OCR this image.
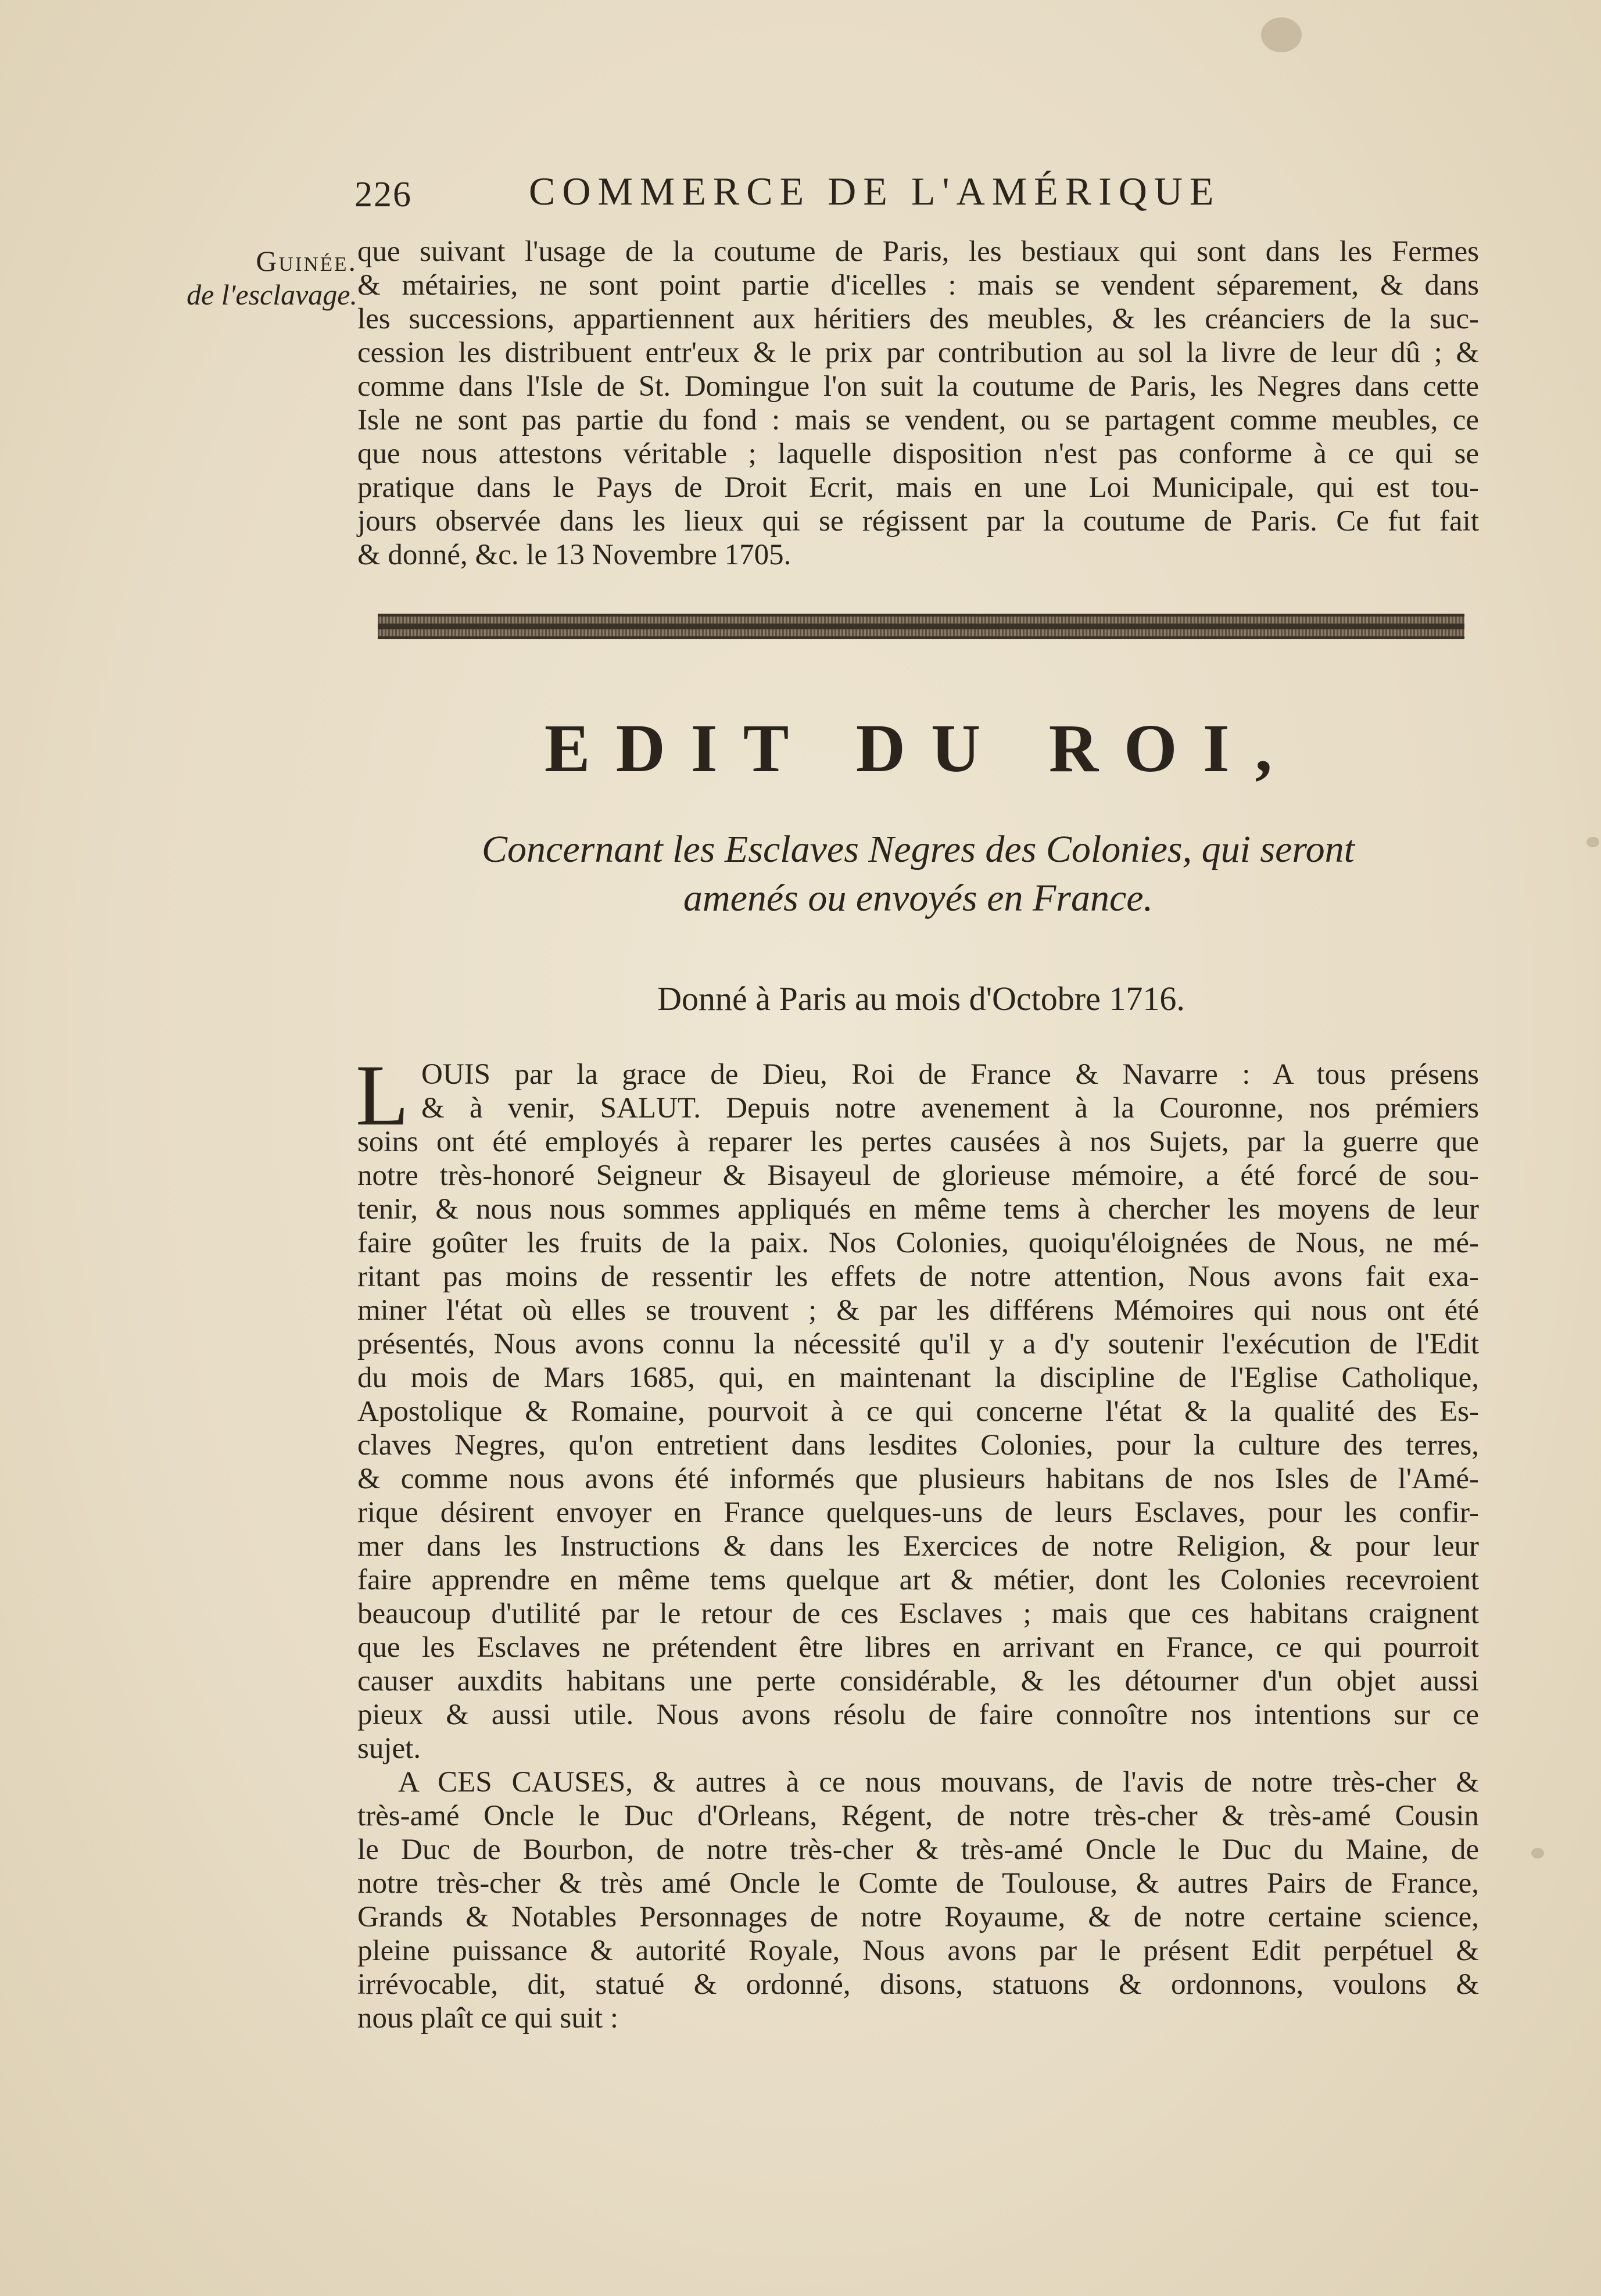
226	COMMERCE DE L'AMÉRIQUE
Guinée.
de l'esclavage.

que suivant l'usage de la coutume de Paris, les bestiaux qui sont dans les Fermes
& métairies, ne sont point partie d'icelles : mais se vendent séparement, & dans
les successions, appartiennent aux héritiers des meubles, & les créanciers de la suc-
cession les distribuent entr'eux & le prix par contribution au sol la livre de leur dû ; &
comme dans l'Isle de St. Domingue l'on suit la coutume de Paris, les Negres dans cette
Isle ne sont pas partie du fond : mais se vendent, ou se partagent comme meubles, ce
que nous attestons véritable ; laquelle disposition n'est pas conforme à ce qui se
pratique dans le Pays de Droit Ecrit, mais en une Loi Municipale, qui est tou-
jours observée dans les lieux qui se régissent par la coutume de Paris. Ce fut fait
& donné, &c. le 13 Novembre 1705.

EDIT DU ROI,
Concernant les Esclaves Negres des Colonies, qui seront
amenés ou envoyés en France.
Donné à Paris au mois d'Octobre 1716.
L OUIS par la grace de Dieu, Roi de France & Navarre : A tous présens
& à venir, SALUT. Depuis notre avenement à la Couronne, nos prémiers
soins ont été employés à reparer les pertes causées à nos Sujets, par la guerre que
notre très-honoré Seigneur & Bisayeul de glorieuse mémoire, a été forcé de sou-
tenir, & nous nous sommes appliqués en même tems à chercher les moyens de leur
faire goûter les fruits de la paix. Nos Colonies, quoiqu'éloignées de Nous, ne mé-
ritant pas moins de ressentir les effets de notre attention, Nous avons fait exa-
miner l'état où elles se trouvent ; & par les différens Mémoires qui nous ont été
présentés, Nous avons connu la nécessité qu'il y a d'y soutenir l'exécution de l'Edit
du mois de Mars 1685, qui, en maintenant la discipline de l'Eglise Catholique,
Apostolique & Romaine, pourvoit à ce qui concerne l'état & la qualité des Es-
claves Negres, qu'on entretient dans lesdites Colonies, pour la culture des terres,
& comme nous avons été informés que plusieurs habitans de nos Isles de l'Amé-
rique désirent envoyer en France quelques-uns de leurs Esclaves, pour les confir-
mer dans les Instructions & dans les Exercices de notre Religion, & pour leur
faire apprendre en même tems quelque art & métier, dont les Colonies recevroient
beaucoup d'utilité par le retour de ces Esclaves ; mais que ces habitans craignent
que les Esclaves ne prétendent être libres en arrivant en France, ce qui pourroit
causer auxdits habitans une perte considérable, & les détourner d'un objet aussi
pieux & aussi utile. Nous avons résolu de faire connoître nos intentions sur ce
sujet.
A CES CAUSES, & autres à ce nous mouvans, de l'avis de notre très-cher &
très-amé Oncle le Duc d'Orleans, Régent, de notre très-cher & très-amé Cousin
le Duc de Bourbon, de notre très-cher & très-amé Oncle le Duc du Maine, de
notre très-cher & très amé Oncle le Comte de Toulouse, & autres Pairs de France,
Grands & Notables Personnages de notre Royaume, & de notre certaine science,
pleine puissance & autorité Royale, Nous avons par le présent Edit perpétuel &
irrévocable, dit, statué & ordonné, disons, statuons & ordonnons, voulons &
nous plaît ce qui suit :
